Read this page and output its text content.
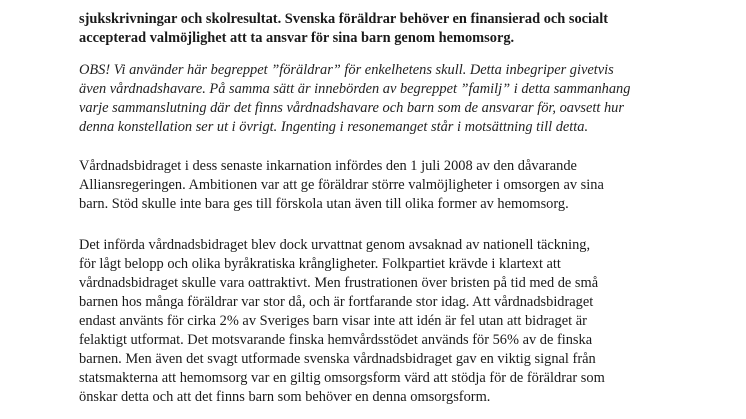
sjukskrivningar och skolresultat. Svenska föräldrar behöver en finansierad och socialt
accepterad valmöjlighet att ta ansvar för sina barn genom hemomsorg.
OBS! Vi använder här begreppet ”föräldrar” för enkelhetens skull. Detta inbegriper givetvis
även vårdnadshavare. På samma sätt är innebörden av begreppet ”familj” i detta sammanhang
varje sammanslutning där det finns vårdnadshavare och barn som de ansvarar för, oavsett hur
denna konstellation ser ut i övrigt. Ingenting i resonemanget står i motsättning till detta.
Vårdnadsbidraget i dess senaste inkarnation infördes den 1 juli 2008 av den dåvarande
Alliansregeringen. Ambitionen var att ge föräldrar större valmöjligheter i omsorgen av sina
barn. Stöd skulle inte bara ges till förskola utan även till olika former av hemomsorg.
Det införda vårdnadsbidraget blev dock urvattnat genom avsaknad av nationell täckning,
för lågt belopp och olika byråkratiska krångligheter. Folkpartiet krävde i klartext att
vårdnadsbidraget skulle vara oattraktivt. Men frustrationen över bristen på tid med de små
barnen hos många föräldrar var stor då, och är fortfarande stor idag. Att vårdnadsbidraget
endast använts för cirka 2% av Sveriges barn visar inte att idén är fel utan att bidraget är
felaktigt utformat. Det motsvarande finska hemvårdsstödet används för 56% av de finska
barnen. Men även det svagt utformade svenska vårdnadsbidraget gav en viktig signal från
statsmakterna att hemomsorg var en giltig omsorgsform värd att stödja för de föräldrar som
önskar detta och att det finns barn som behöver en denna omsorgsform.
